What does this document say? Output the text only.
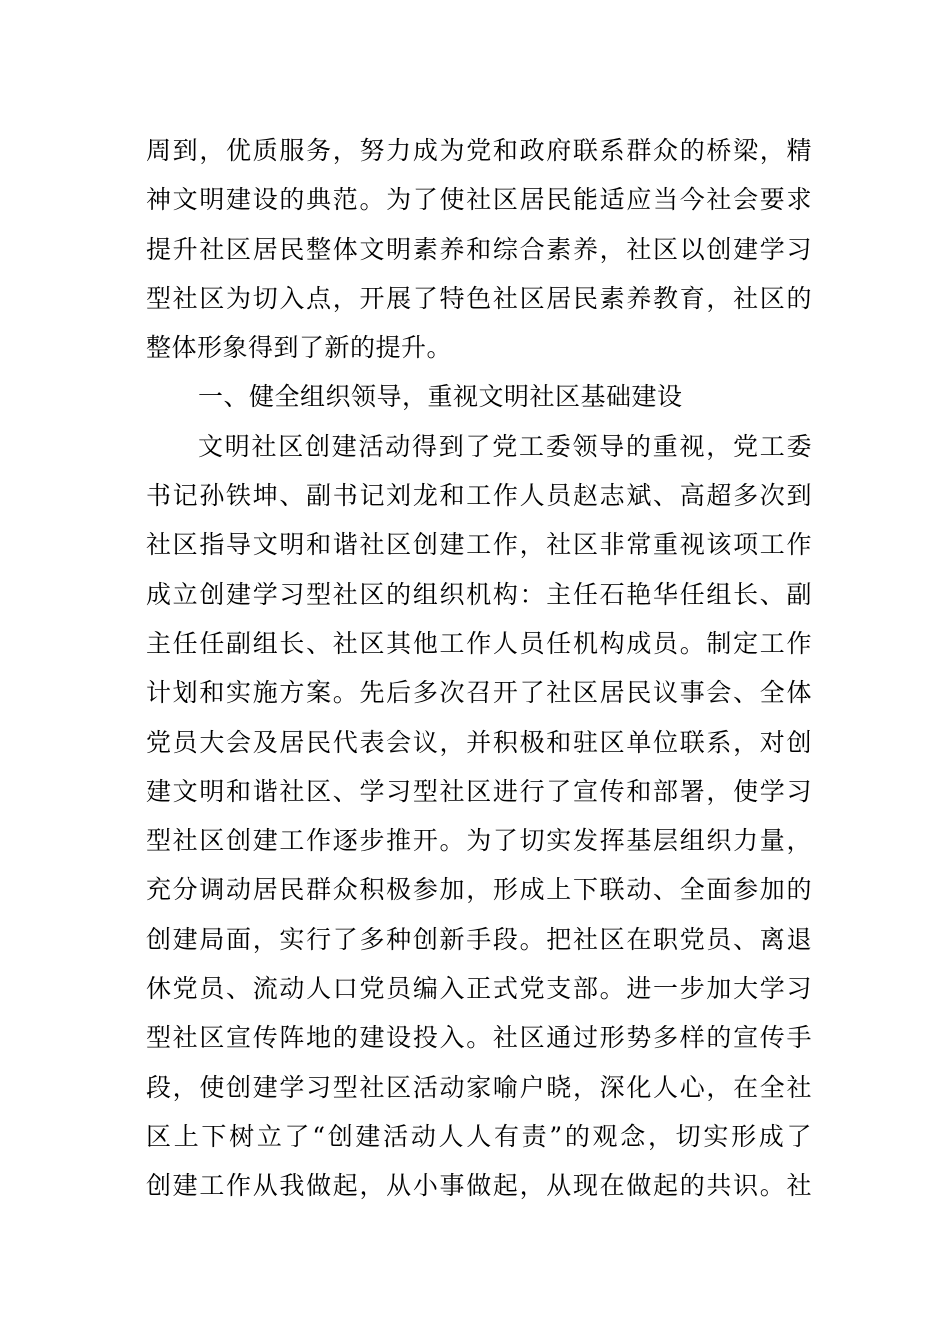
周到，优质服务，努力成为党和政府联系群众的桥梁，精
神文明建设的典范。为了使社区居民能适应当今社会要求
提升社区居民整体文明素养和综合素养，社区以创建学习
型社区为切入点，开展了特色社区居民素养教育，社区的
整体形象得到了新的提升。
一、健全组织领导，重视文明社区基础建设
文明社区创建活动得到了党工委领导的重视，党工委
书记孙铁坤、副书记刘龙和工作人员赵志斌、高超多次到
社区指导文明和谐社区创建工作，社区非常重视该项工作
成立创建学习型社区的组织机构：主任石艳华任组长、副
主任任副组长、社区其他工作人员任机构成员。制定工作
计划和实施方案。先后多次召开了社区居民议事会、全体
党员大会及居民代表会议，并积极和驻区单位联系，对创
建文明和谐社区、学习型社区进行了宣传和部署，使学习
型社区创建工作逐步推开。为了切实发挥基层组织力量，
充分调动居民群众积极参加，形成上下联动、全面参加的
创建局面，实行了多种创新手段。把社区在职党员、离退
休党员、流动人口党员编入正式党支部。进一步加大学习
型社区宣传阵地的建设投入。社区通过形势多样的宣传手
段，使创建学习型社区活动家喻户晓，深化人心，在全社
区上下树立了“创建活动人人有责”的观念，切实形成了
创建工作从我做起，从小事做起，从现在做起的共识。社
